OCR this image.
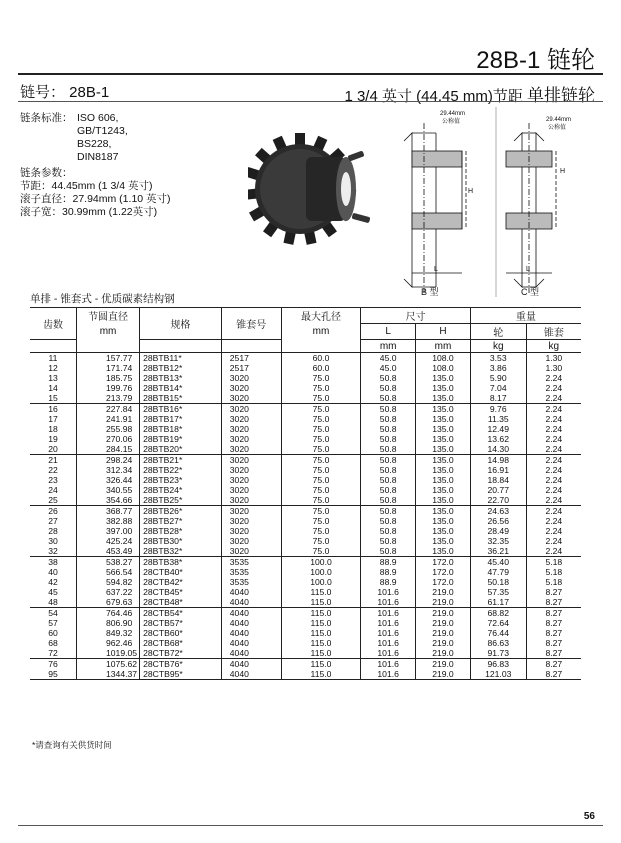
28B-1 链轮
链号： 28B-1	1 3/4 英寸 (44.45 mm)节距 单排链轮
链条标准： ISO 606,
GB/T1243,
BS228,
DIN8187
链条参数：
节距：44.45mm (1 3/4 英寸)
滚子直径：27.94mm (1.10 英寸)
滚子宽：30.99mm (1.22英寸)
29.44mm
公称值	29.44mm
公称值
H
H
L	L
B 型	C 型
单排 - 锥套式 - 优质碳素结构钢
齿数	节圆直径	规格	锥套号	最大孔径	尺寸		重量	
	mm			mm	L	H	轮	锥套
					mm	mm	kg	kg
11	157.77	28BTB11*	2517	60.0	45.0	108.0	3.53	1.30
12	171.74	28BTB12*	2517	60.0	45.0	108.0	3.86	1.30
13	185.75	28BTB13*	3020	75.0	50.8	135.0	5.90	2.24
14	199.76	28BTB14*	3020	75.0	50.8	135.0	7.04	2.24
15	213.79	28BTB15*	3020	75.0	50.8	135.0	8.17	2.24
16	227.84	28BTB16*	3020	75.0	50.8	135.0	9.76	2.24
17	241.91	28BTB17*	3020	75.0	50.8	135.0	11.35	2.24
18	255.98	28BTB18*	3020	75.0	50.8	135.0	12.49	2.24
19	270.06	28BTB19*	3020	75.0	50.8	135.0	13.62	2.24
20	284.15	28BTB20*	3020	75.0	50.8	135.0	14.30	2.24
21	298.24	28BTB21*	3020	75.0	50.8	135.0	14.98	2.24
22	312.34	28BTB22*	3020	75.0	50.8	135.0	16.91	2.24
23	326.44	28BTB23*	3020	75.0	50.8	135.0	18.84	2.24
24	340.55	28BTB24*	3020	75.0	50.8	135.0	20.77	2.24
25	354.66	28BTB25*	3020	75.0	50.8	135.0	22.70	2.24
26	368.77	28BTB26*	3020	75.0	50.8	135.0	24.63	2.24
27	382.88	28BTB27*	3020	75.0	50.8	135.0	26.56	2.24
28	397.00	28BTB28*	3020	75.0	50.8	135.0	28.49	2.24
30	425.24	28BTB30*	3020	75.0	50.8	135.0	32.35	2.24
32	453.49	28BTB32*	3020	75.0	50.8	135.0	36.21	2.24
38	538.27	28BTB38*	3535	100.0	88.9	172.0	45.40	5.18
40	566.54	28CTB40*	3535	100.0	88.9	172.0	47.79	5.18
42	594.82	28CTB42*	3535	100.0	88.9	172.0	50.18	5.18
45	637.22	28CTB45*	4040	115.0	101.6	219.0	57.35	8.27
48	679.63	28CTB48*	4040	115.0	101.6	219.0	61.17	8.27
54	764.46	28CTB54*	4040	115.0	101.6	219.0	68.82	8.27
57	806.90	28CTB57*	4040	115.0	101.6	219.0	72.64	8.27
60	849.32	28CTB60*	4040	115.0	101.6	219.0	76.44	8.27
68	962.46	28CTB68*	4040	115.0	101.6	219.0	86.63	8.27
72	1019.05	28CTB72*	4040	115.0	101.6	219.0	91.73	8.27
76	1075.62	28CTB76*	4040	115.0	101.6	219.0	96.83	8.27
95	1344.37	28CTB95*	4040	115.0	101.6	219.0	121.03	8.27
*请查询有关供货时间
56
